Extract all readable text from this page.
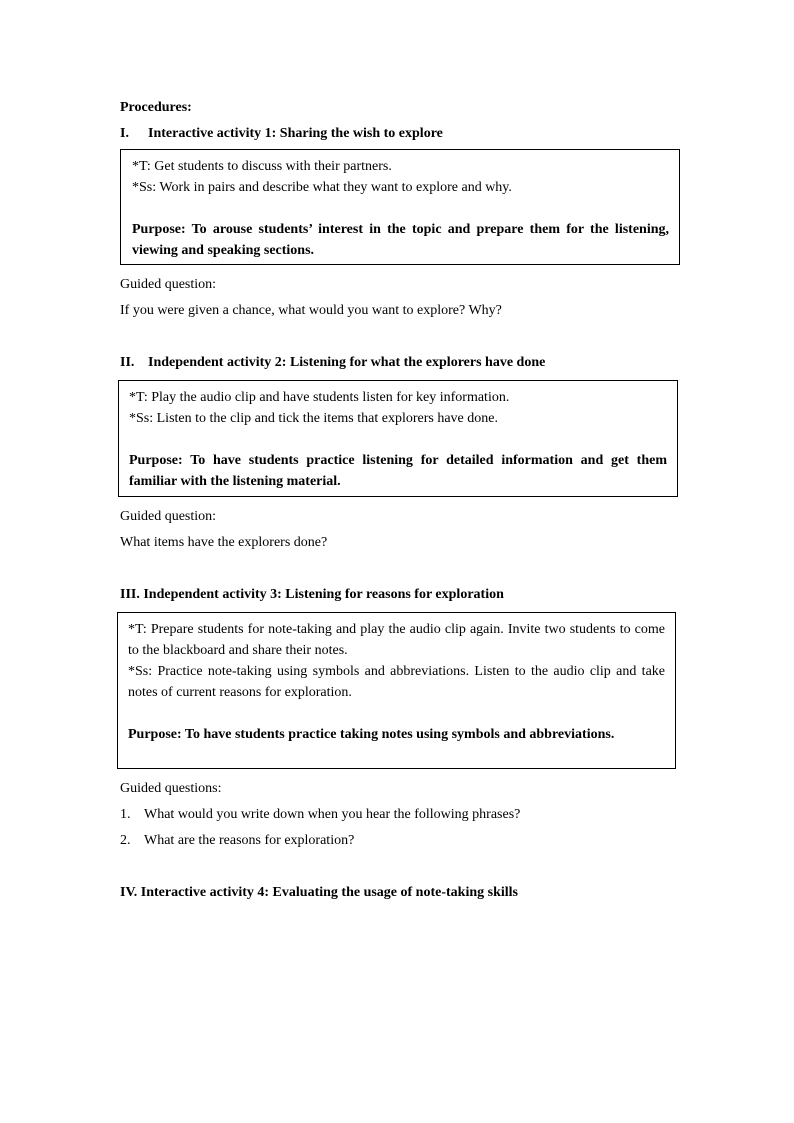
Procedures:
I. Interactive activity 1: Sharing the wish to explore

*T: Get students to discuss with their partners.

*Ss: Work in pairs and describe what they want to explore and why.

Purpose: To arouse students’ interest in the topic and prepare them for the listening, viewing and speaking sections.

Guided question:
If you were given a chance, what would you want to explore? Why?
II. Independent activity 2: Listening for what the explorers have done

*T: Play the audio clip and have students listen for key information.

*Ss: Listen to the clip and tick the items that explorers have done.

Purpose: To have students practice listening for detailed information and get them familiar with the listening material.

Guided question:
What items have the explorers done?
III. Independent activity 3: Listening for reasons for exploration

*T: Prepare students for note-taking and play the audio clip again. Invite two students to come to the blackboard and share their notes.

*Ss: Practice note-taking using symbols and abbreviations. Listen to the audio clip and take notes of current reasons for exploration.

Purpose: To have students practice taking notes using symbols and abbreviations.

Guided questions:
1. What would you write down when you hear the following phrases?
2. What are the reasons for exploration?
IV. Interactive activity 4: Evaluating the usage of note-taking skills
